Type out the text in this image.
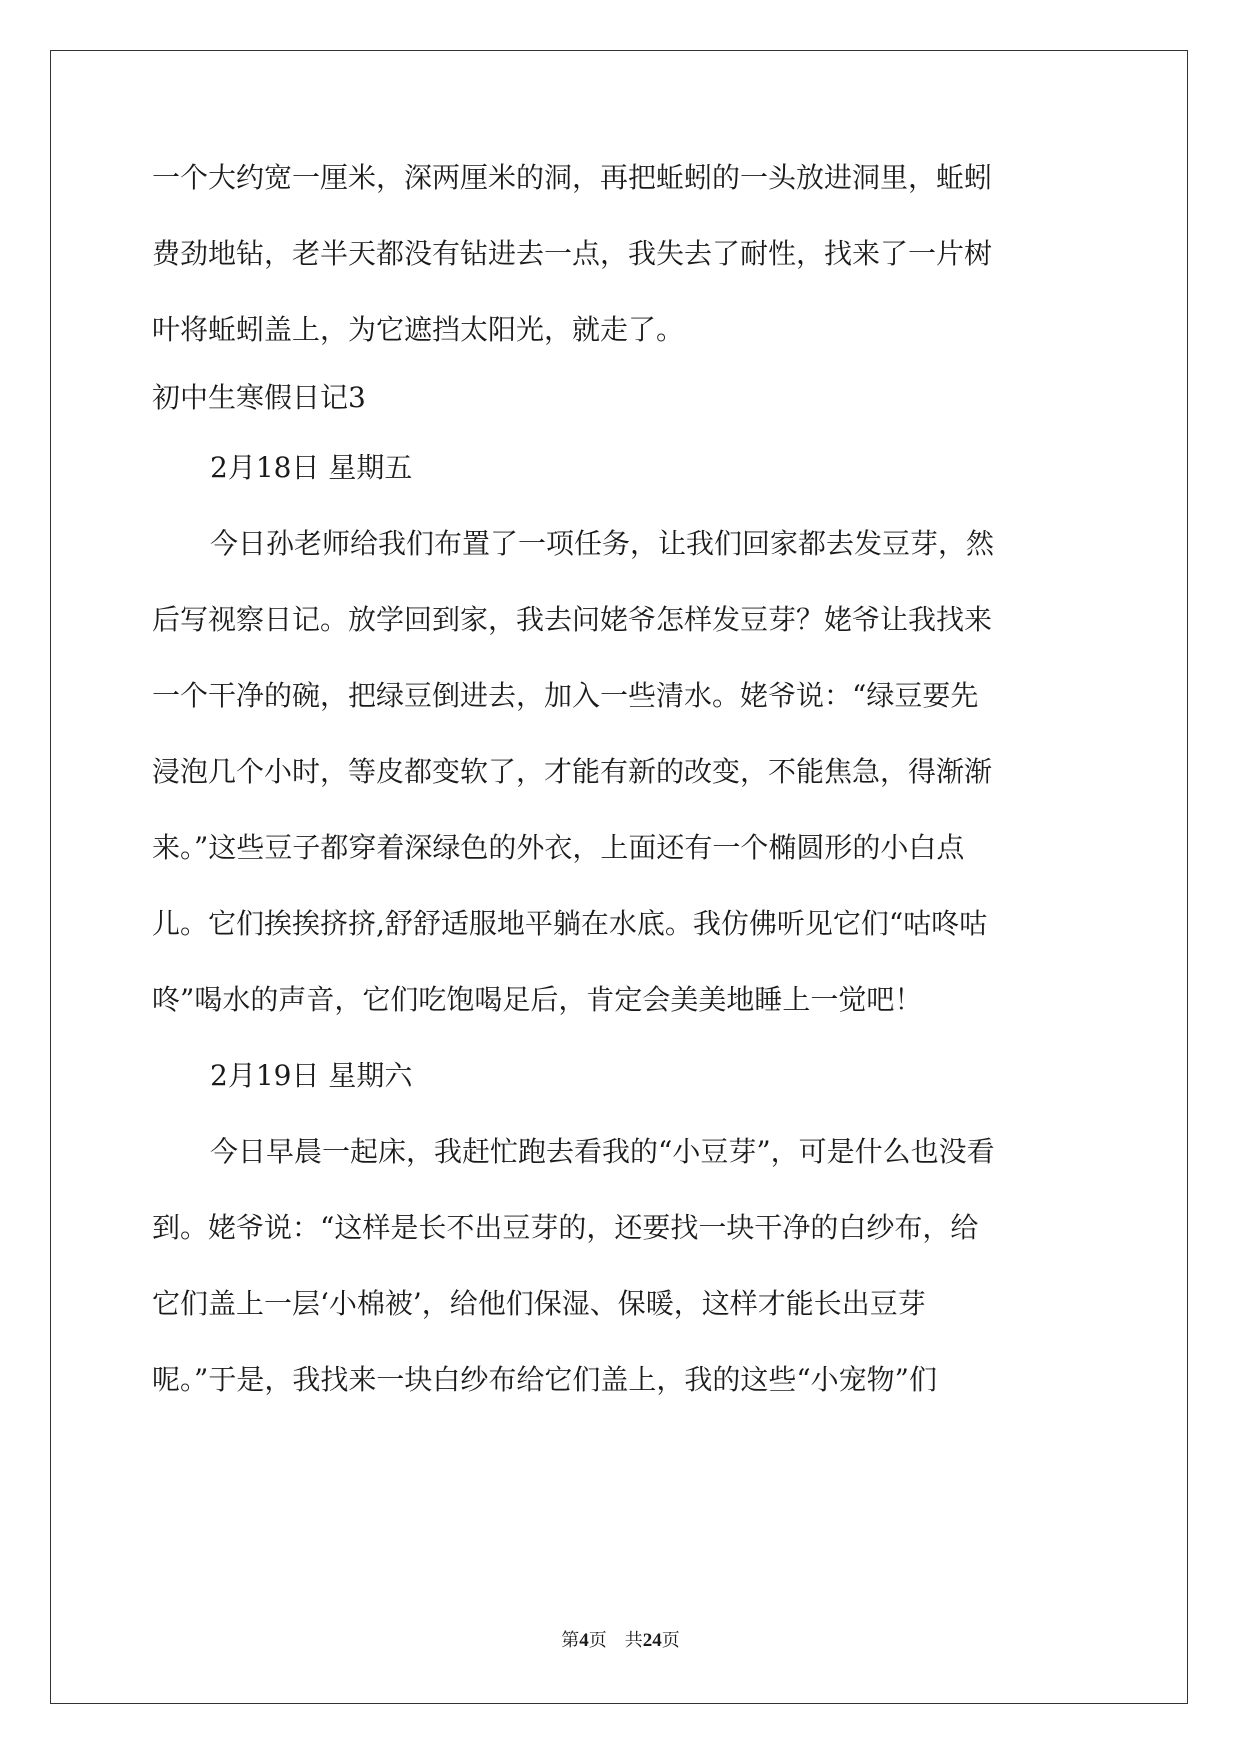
一个大约宽一厘米，深两厘米的洞，再把蚯蚓的一头放进洞里，蚯蚓
费劲地钻，老半天都没有钻进去一点，我失去了耐性，找来了一片树
叶将蚯蚓盖上，为它遮挡太阳光，就走了。
初中生寒假日记3
2月18日 星期五
今日孙老师给我们布置了一项任务，让我们回家都去发豆芽，然
后写视察日记。放学回到家，我去问姥爷怎样发豆芽？姥爷让我找来
一个干净的碗，把绿豆倒进去，加入一些清水。姥爷说：“绿豆要先
浸泡几个小时，等皮都变软了，才能有新的改变，不能焦急，得渐渐
来。”这些豆子都穿着深绿色的外衣，上面还有一个椭圆形的小白点
儿。它们挨挨挤挤,舒舒适服地平躺在水底。我仿佛听见它们“咕咚咕
咚”喝水的声音，它们吃饱喝足后，肯定会美美地睡上一觉吧！
2月19日 星期六
今日早晨一起床，我赶忙跑去看我的“小豆芽”，可是什么也没看
到。姥爷说：“这样是长不出豆芽的，还要找一块干净的白纱布，给
它们盖上一层‘小棉被’，给他们保湿、保暖，这样才能长出豆芽
呢。”于是，我找来一块白纱布给它们盖上，我的这些“小宠物”们
第4页　共24页
